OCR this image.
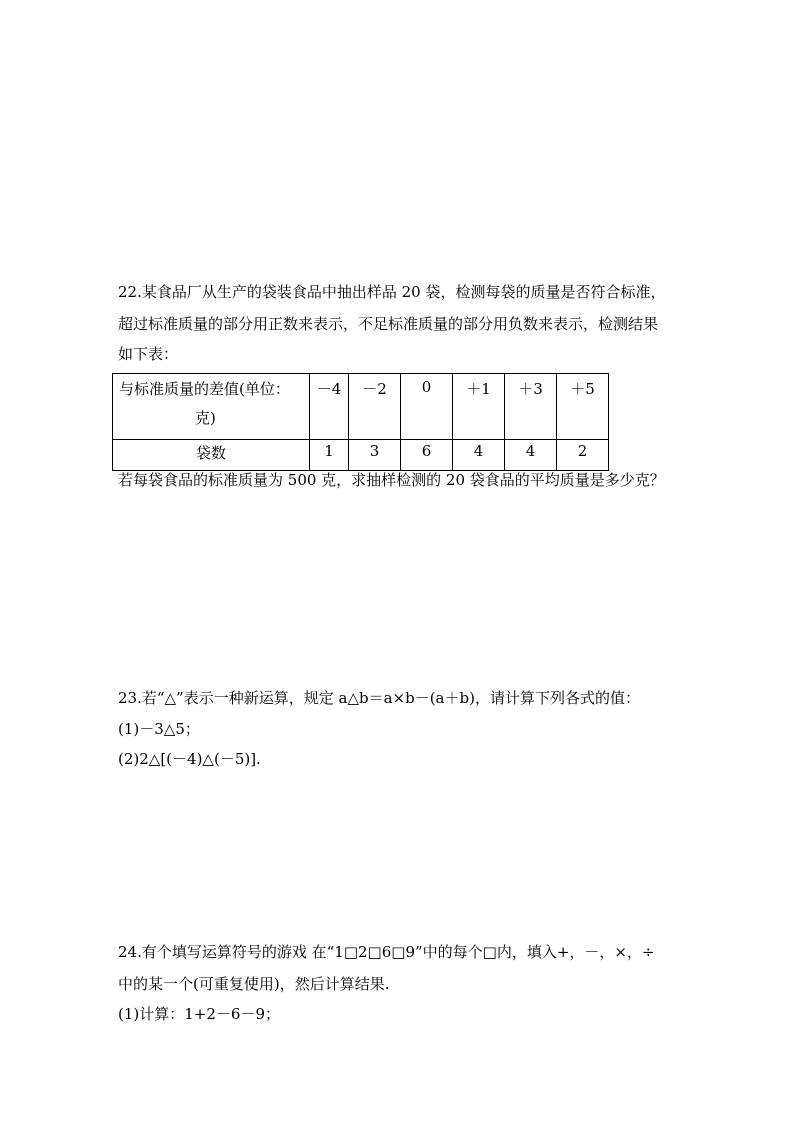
22.某食品厂从生产的袋装食品中抽出样品 20 袋，检测每袋的质量是否符合标准，

超过标准质量的部分用正数来表示，不足标准质量的部分用负数来表示，检测结果

如下表：

与标准质量的差值(单位：
克)	－4	－2	0	＋1	＋3	＋5
袋数	1	3	6	4	4	2

若每袋食品的标准质量为 500 克，求抽样检测的 20 袋食品的平均质量是多少克？

23.若“△”表示一种新运算，规定 a△b＝a×b－(a＋b)，请计算下列各式的值：

(1)－3△5；

(2)2△[(－4)△(－5)].

24.有个填写运算符号的游戏 在“1□2□6□9”中的每个□内，填入+，－，×，÷

中的某一个(可重复使用)，然后计算结果.

(1)计算：1+2－6－9；
